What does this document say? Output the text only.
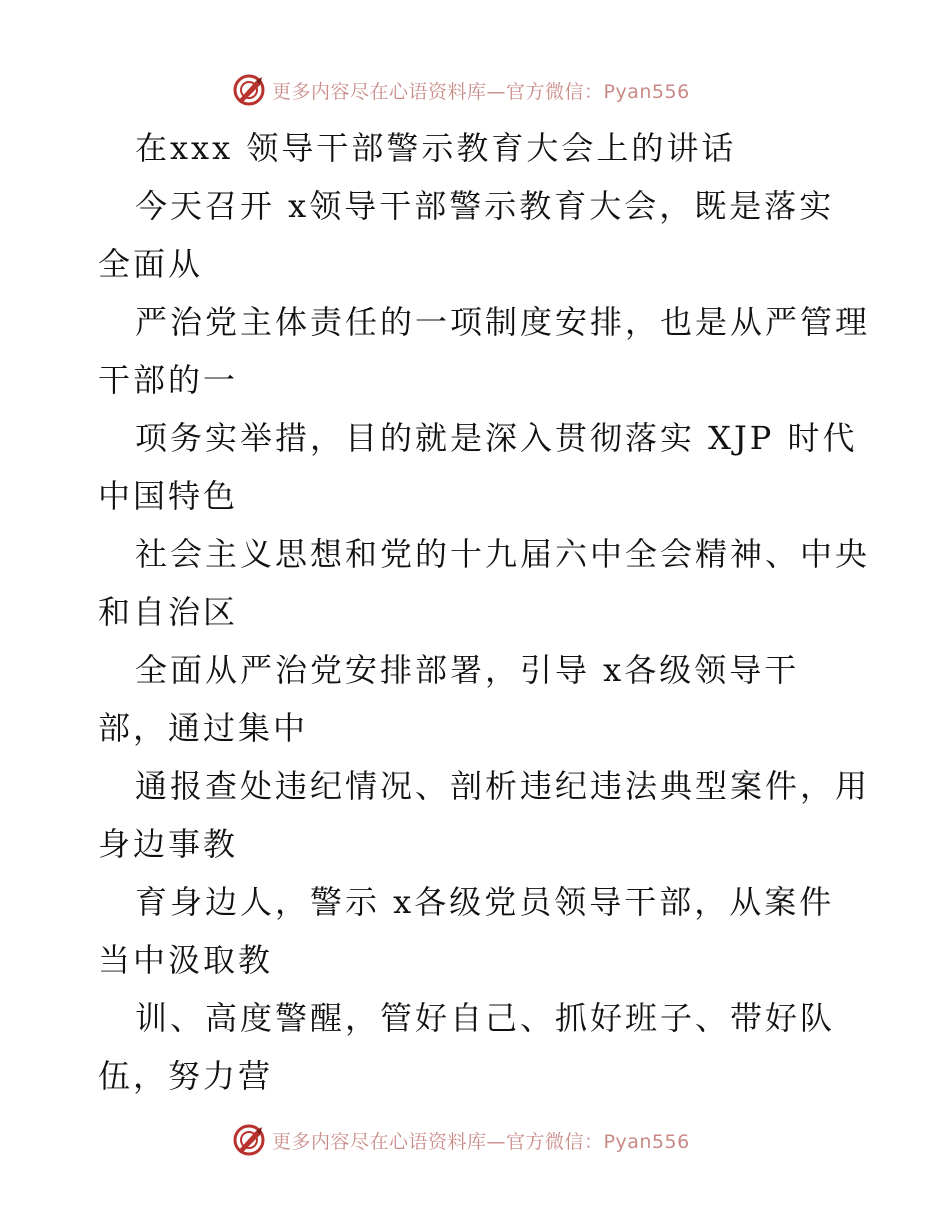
更多内容尽在心语资料库—官方微信：Pyan556
在xxx 领导干部警示教育大会上的讲话
今天召开 x领导干部警示教育大会，既是落实
全面从
严治党主体责任的一项制度安排，也是从严管理
干部的一
项务实举措，目的就是深入贯彻落实 XJP 时代
中国特色
社会主义思想和党的十九届六中全会精神、中央
和自治区
全面从严治党安排部署，引导 x各级领导干
部，通过集中
通报查处违纪情况、剖析违纪违法典型案件，用
身边事教
育身边人，警示 x各级党员领导干部，从案件
当中汲取教
训、高度警醒，管好自己、抓好班子、带好队
伍，努力营
更多内容尽在心语资料库—官方微信：Pyan556
